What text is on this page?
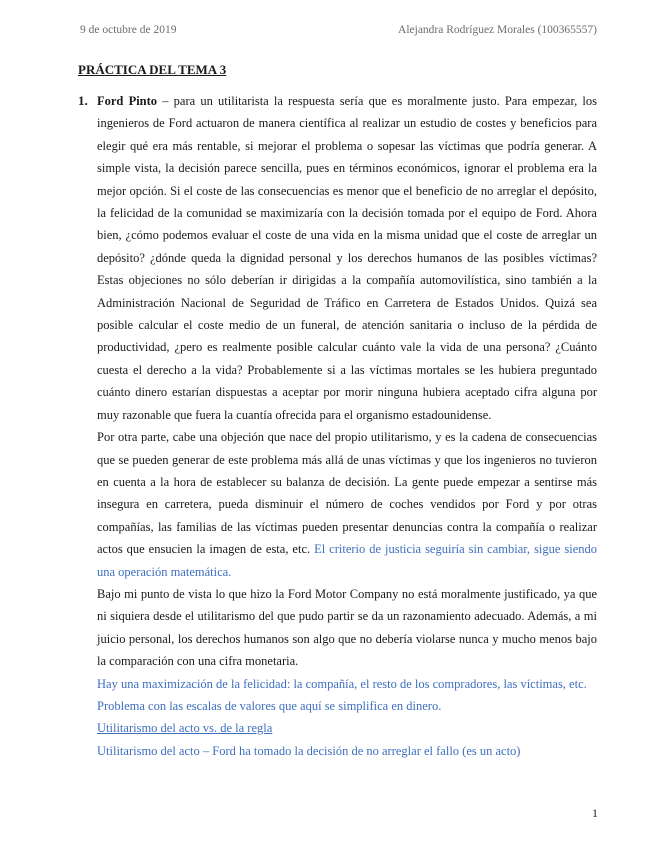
9 de octubre de 2019	Alejandra Rodríguez Morales (100365557)
PRÁCTICA DEL TEMA 3
1. Ford Pinto – para un utilitarista la respuesta sería que es moralmente justo. Para empezar, los ingenieros de Ford actuaron de manera científica al realizar un estudio de costes y beneficios para elegir qué era más rentable, si mejorar el problema o sopesar las víctimas que podría generar. A simple vista, la decisión parece sencilla, pues en términos económicos, ignorar el problema era la mejor opción. Si el coste de las consecuencias es menor que el beneficio de no arreglar el depósito, la felicidad de la comunidad se maximizaría con la decisión tomada por el equipo de Ford. Ahora bien, ¿cómo podemos evaluar el coste de una vida en la misma unidad que el coste de arreglar un depósito? ¿dónde queda la dignidad personal y los derechos humanos de las posibles víctimas? Estas objeciones no sólo deberían ir dirigidas a la compañía automovilística, sino también a la Administración Nacional de Seguridad de Tráfico en Carretera de Estados Unidos. Quizá sea posible calcular el coste medio de un funeral, de atención sanitaria o incluso de la pérdida de productividad, ¿pero es realmente posible calcular cuánto vale la vida de una persona? ¿Cuánto cuesta el derecho a la vida? Probablemente si a las víctimas mortales se les hubiera preguntado cuánto dinero estarían dispuestas a aceptar por morir ninguna hubiera aceptado cifra alguna por muy razonable que fuera la cuantía ofrecida para el organismo estadounidense.

Por otra parte, cabe una objeción que nace del propio utilitarismo, y es la cadena de consecuencias que se pueden generar de este problema más allá de unas víctimas y que los ingenieros no tuvieron en cuenta a la hora de establecer su balanza de decisión. La gente puede empezar a sentirse más insegura en carretera, pueda disminuir el número de coches vendidos por Ford y por otras compañías, las familias de las víctimas pueden presentar denuncias contra la compañía o realizar actos que ensucien la imagen de esta, etc. El criterio de justicia seguiría sin cambiar, sigue siendo una operación matemática.

Bajo mi punto de vista lo que hizo la Ford Motor Company no está moralmente justificado, ya que ni siquiera desde el utilitarismo del que pudo partir se da un razonamiento adecuado. Además, a mi juicio personal, los derechos humanos son algo que no debería violarse nunca y mucho menos bajo la comparación con una cifra monetaria.

Hay una maximización de la felicidad: la compañía, el resto de los compradores, las víctimas, etc.

Problema con las escalas de valores que aquí se simplifica en dinero.

Utilitarismo del acto vs. de la regla

Utilitarismo del acto – Ford ha tomado la decisión de no arreglar el fallo (es un acto)

1
